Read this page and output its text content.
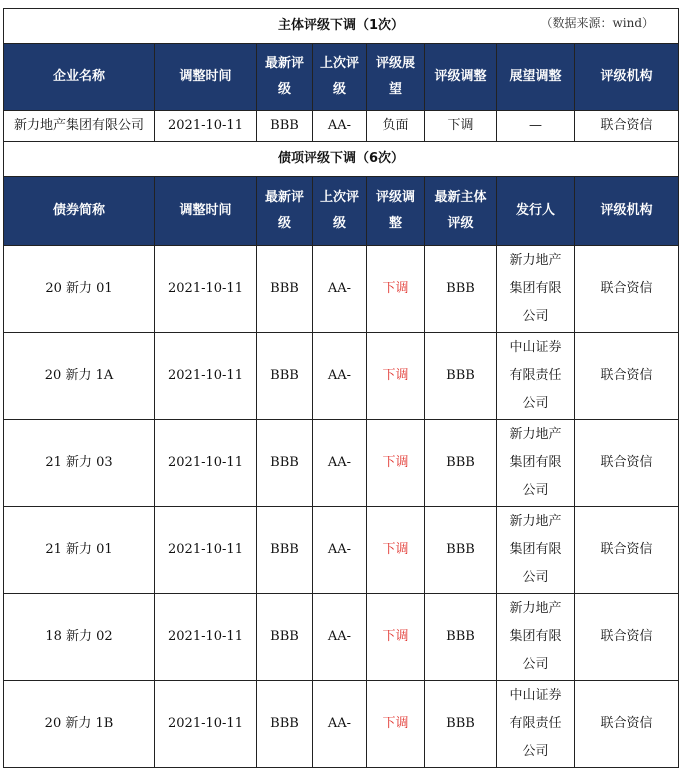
主体评级下调（1次） （数据来源：wind）							

企业名称	调整时间	最新评级	上次评级	评级展望	评级调整	展望调整	评级机构
新力地产集团有限公司	2021-10-11	BBB	AA-	负面	下调	—	联合资信
债项评级下调（6次）							
债券简称	调整时间	最新评级	上次评级	评级调整	最新主体评级	发行人	评级机构
20 新力 01	2021-10-11	BBB	AA-	下调	BBB	新力地产集团有限公司	联合资信
20 新力 1A	2021-10-11	BBB	AA-	下调	BBB	中山证券有限责任公司	联合资信
21 新力 03	2021-10-11	BBB	AA-	下调	BBB	新力地产集团有限公司	联合资信
21 新力 01	2021-10-11	BBB	AA-	下调	BBB	新力地产集团有限公司	联合资信
18 新力 02	2021-10-11	BBB	AA-	下调	BBB	新力地产集团有限公司	联合资信
20 新力 1B	2021-10-11	BBB	AA-	下调	BBB	中山证券有限责任公司	联合资信
